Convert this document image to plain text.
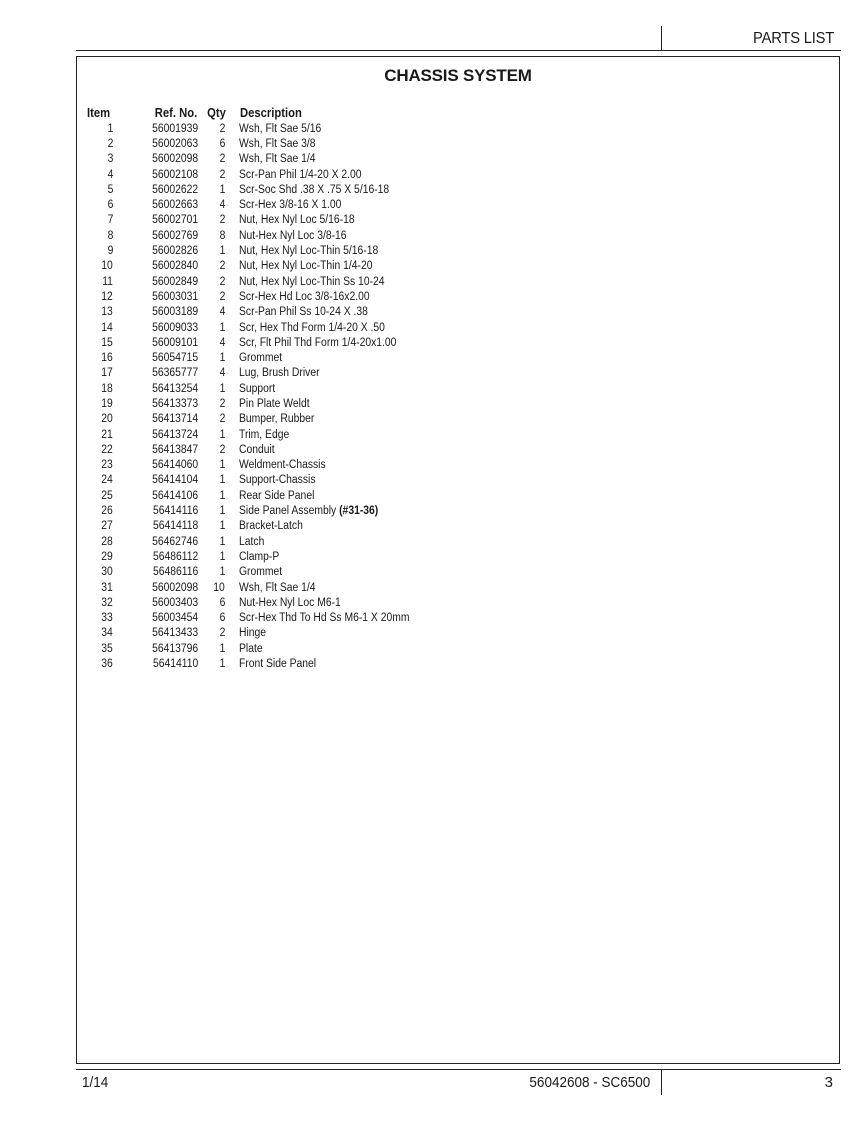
PARTS LIST
CHASSIS SYSTEM
Item	Ref. No. Qty	Description
1	56001939	2	Wsh, Flt Sae 5/16
2	56002063	6	Wsh, Flt Sae 3/8
3	56002098	2	Wsh, Flt Sae 1/4
4	56002108	2	Scr-Pan Phil 1/4-20 X 2.00
5	56002622	1	Scr-Soc Shd .38 X .75 X 5/16-18
6	56002663	4	Scr-Hex 3/8-16 X 1.00
7	56002701	2	Nut, Hex Nyl Loc 5/16-18
8	56002769	8	Nut-Hex Nyl Loc 3/8-16
9	56002826	1	Nut, Hex Nyl Loc-Thin 5/16-18
10	56002840	2	Nut, Hex Nyl Loc-Thin 1/4-20
11	56002849	2	Nut, Hex Nyl Loc-Thin Ss 10-24
12	56003031	2	Scr-Hex Hd Loc 3/8-16x2.00
13	56003189	4	Scr-Pan Phil Ss 10-24 X .38
14	56009033	1	Scr, Hex Thd Form 1/4-20 X .50
15	56009101	4	Scr, Flt Phil Thd Form 1/4-20x1.00
16	56054715	1	Grommet
17	56365777	4	Lug, Brush Driver
18	56413254	1	Support
19	56413373	2	Pin Plate Weldt
20	56413714	2	Bumper, Rubber
21	56413724	1	Trim, Edge
22	56413847	2	Conduit
23	56414060	1	Weldment-Chassis
24	56414104	1	Support-Chassis
25	56414106	1	Rear Side Panel
26	56414116	1	Side Panel Assembly (#31-36)
27	56414118	1	Bracket-Latch
28	56462746	1	Latch
29	56486112	1	Clamp-P
30	56486116	1	Grommet
31	56002098	10	Wsh, Flt Sae 1/4
32	56003403	6	Nut-Hex Nyl Loc M6-1
33	56003454	6	Scr-Hex Thd To Hd Ss M6-1 X 20mm
34	56413433	2	Hinge
35	56413796	1	Plate
36	56414110	1	Front Side Panel
1/14	56042608 - SC6500	3
